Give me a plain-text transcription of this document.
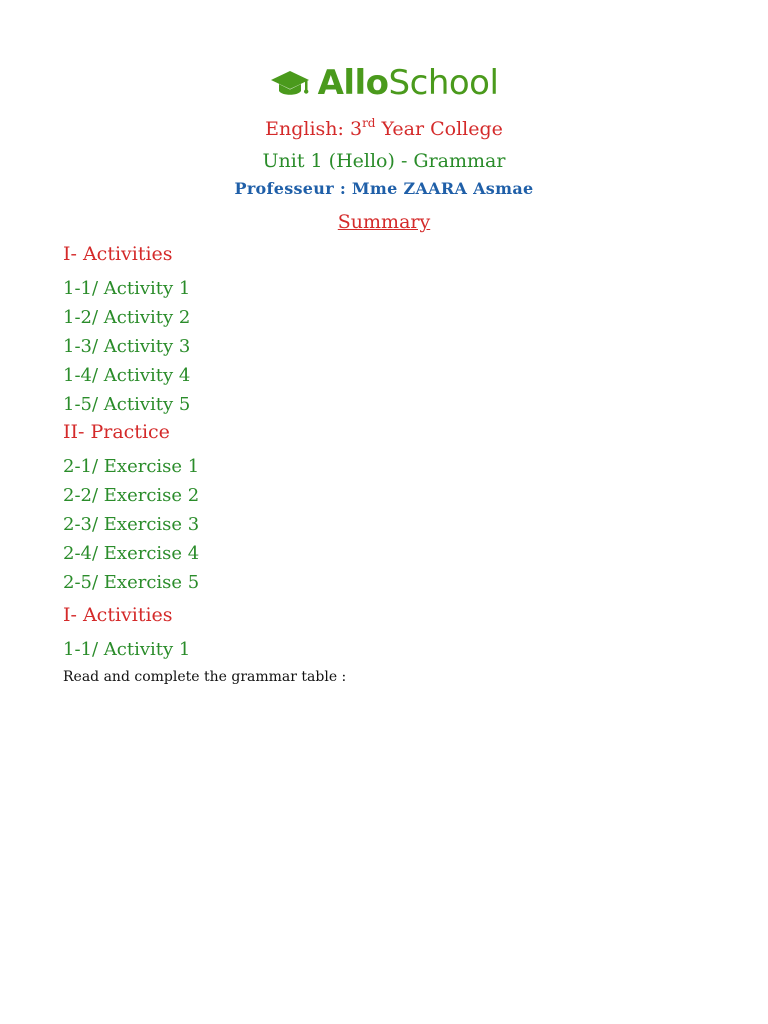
AlloSchool
English: 3rd Year College
Unit 1 (Hello) - Grammar
Professeur : Mme ZAARA Asmae
Summary
I- Activities
1-1/ Activity 1
1-2/ Activity 2
1-3/ Activity 3
1-4/ Activity 4
1-5/ Activity 5
II- Practice
2-1/ Exercise 1
2-2/ Exercise 2
2-3/ Exercise 3
2-4/ Exercise 4
2-5/ Exercise 5
I- Activities
1-1/ Activity 1
Read and complete the grammar table :
